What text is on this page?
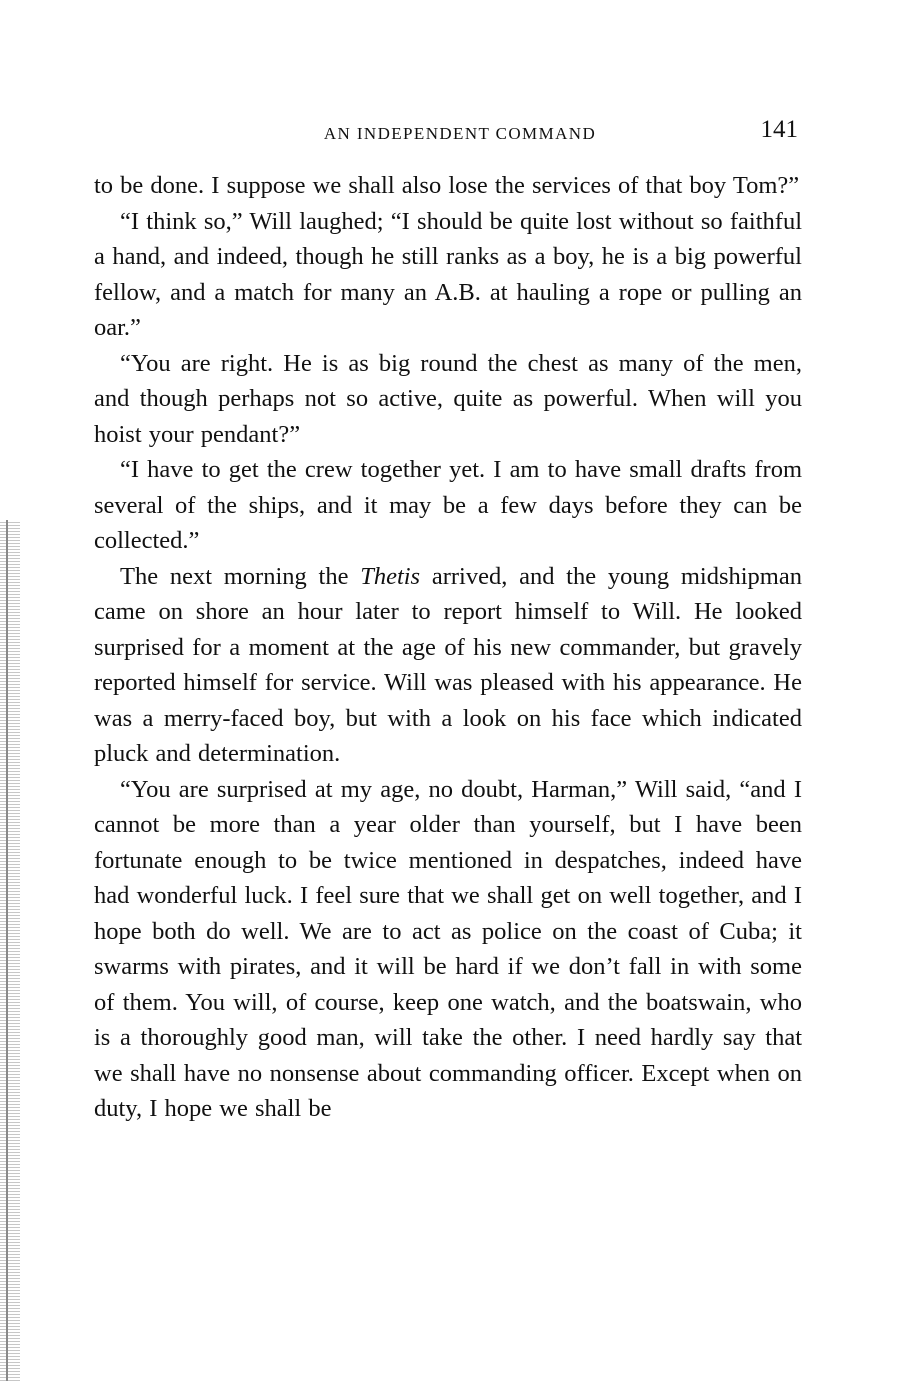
AN INDEPENDENT COMMAND	141

to be done. I suppose we shall also lose the services of that boy Tom?”

“I think so,” Will laughed; “I should be quite lost without so faithful a hand, and indeed, though he still ranks as a boy, he is a big powerful fellow, and a match for many an A.B. at hauling a rope or pulling an oar.”

“You are right. He is as big round the chest as many of the men, and though perhaps not so active, quite as powerful. When will you hoist your pendant?”

“I have to get the crew together yet. I am to have small drafts from several of the ships, and it may be a few days before they can be collected.”

The next morning the Thetis arrived, and the young midshipman came on shore an hour later to report himself to Will. He looked surprised for a moment at the age of his new commander, but gravely reported himself for service. Will was pleased with his appearance. He was a merry-faced boy, but with a look on his face which indicated pluck and determination.

“You are surprised at my age, no doubt, Harman,” Will said, “and I cannot be more than a year older than yourself, but I have been fortunate enough to be twice mentioned in despatches, indeed have had wonderful luck. I feel sure that we shall get on well together, and I hope both do well. We are to act as police on the coast of Cuba; it swarms with pirates, and it will be hard if we don’t fall in with some of them. You will, of course, keep one watch, and the boatswain, who is a thoroughly good man, will take the other. I need hardly say that we shall have no nonsense about commanding officer. Except when on duty, I hope we shall be
